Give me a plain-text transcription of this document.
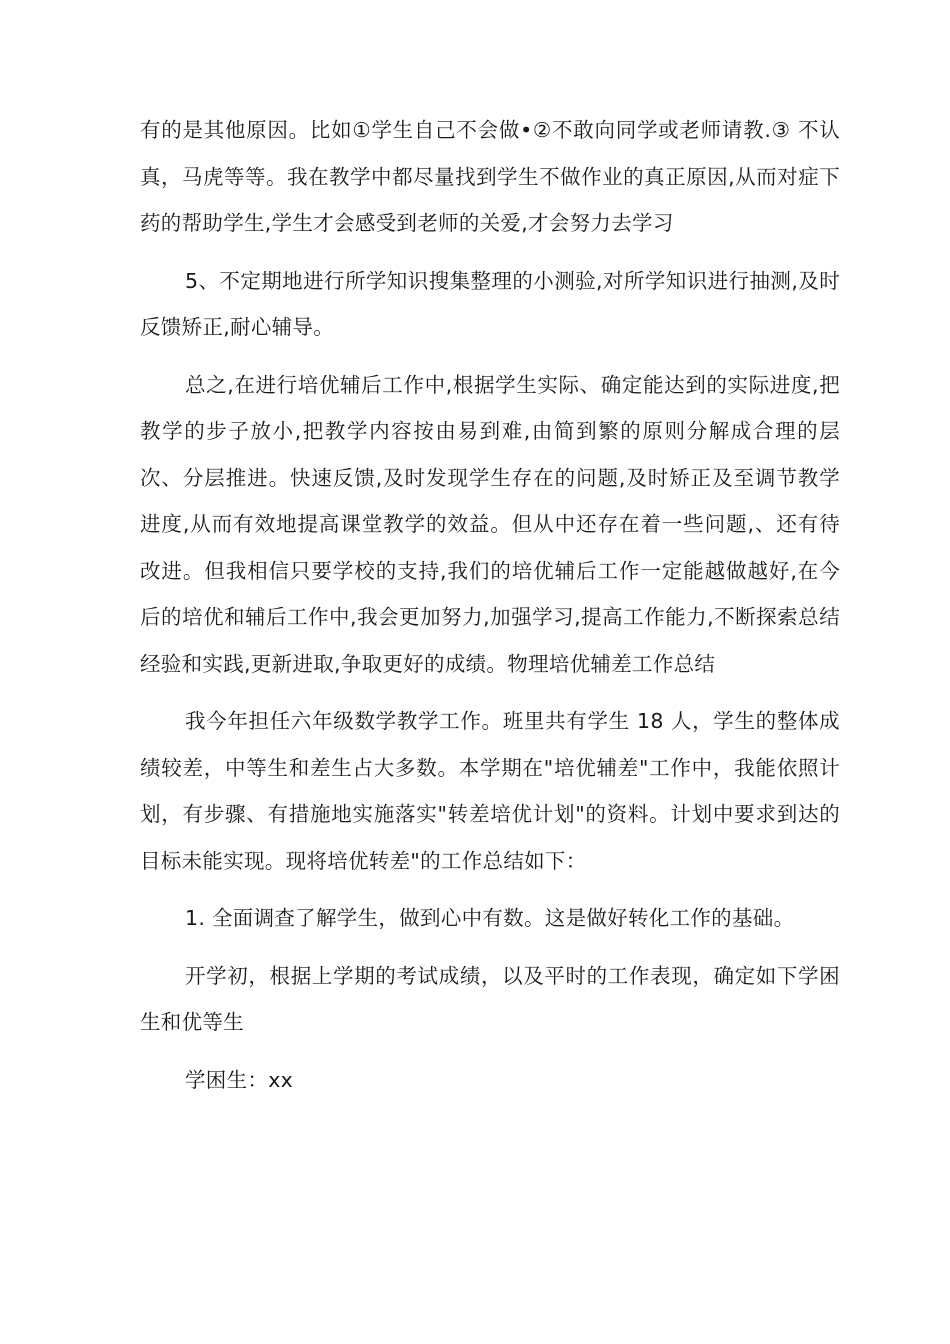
有的是其他原因。比如①学生自己不会做•②不敢向同学或老师请教.③ 不认真，马虎等等。我在教学中都尽量找到学生不做作业的真正原因,从而对症下药的帮助学生,学生才会感受到老师的关爱,才会努力去学习

5、不定期地进行所学知识搜集整理的小测验,对所学知识进行抽测,及时反馈矫正,耐心辅导。

总之,在进行培优辅后工作中,根据学生实际、确定能达到的实际进度,把教学的步子放小,把教学内容按由易到难,由简到繁的原则分解成合理的层次、分层推进。快速反馈,及时发现学生存在的问题,及时矫正及至调节教学进度,从而有效地提高课堂教学的效益。但从中还存在着一些问题,、还有待改进。但我相信只要学校的支持,我们的培优辅后工作一定能越做越好,在今后的培优和辅后工作中,我会更加努力,加强学习,提高工作能力,不断探索总结经验和实践,更新进取,争取更好的成绩。物理培优辅差工作总结

我今年担任六年级数学教学工作。班里共有学生 18 人，学生的整体成绩较差，中等生和差生占大多数。本学期在"培优辅差"工作中，我能依照计划，有步骤、有措施地实施落实"转差培优计划"的资料。计划中要求到达的目标未能实现。现将培优转差"的工作总结如下：

1. 全面调查了解学生，做到心中有数。这是做好转化工作的基础。

开学初，根据上学期的考试成绩，以及平时的工作表现，确定如下学困生和优等生

学困生：xx
